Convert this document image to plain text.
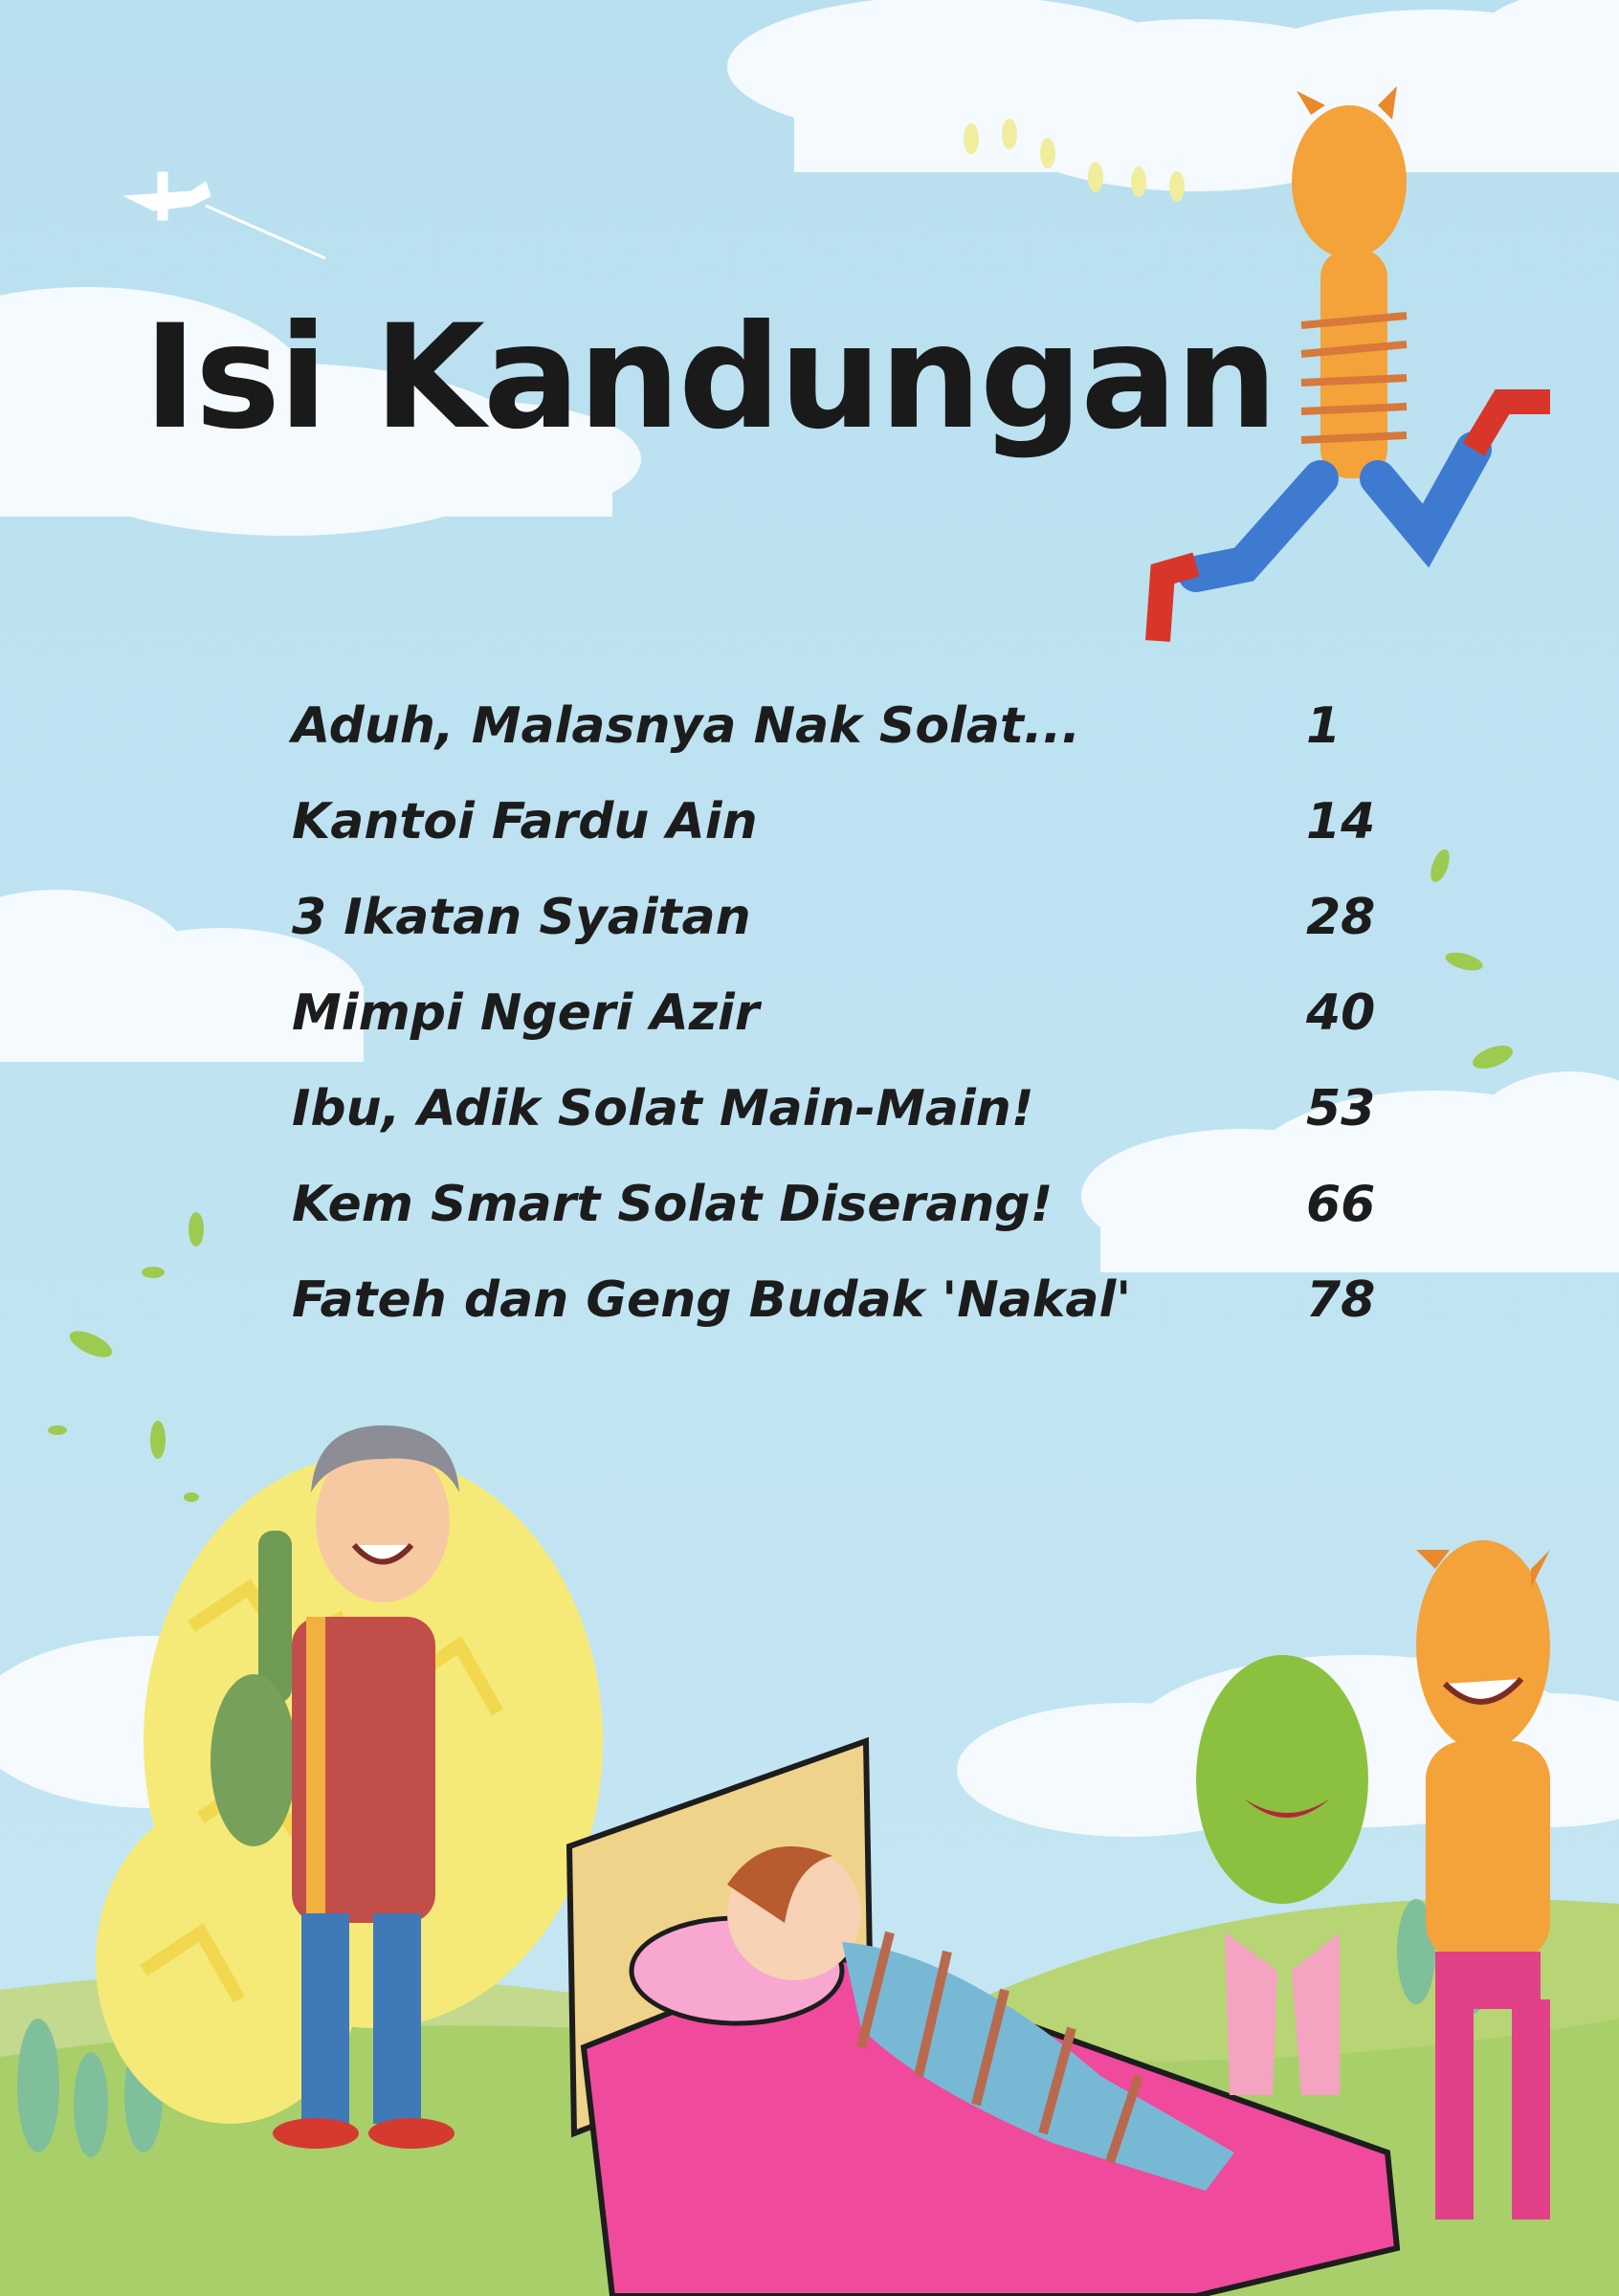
Isi Kandungan
Aduh, Malasnya Nak Solat...	1
Kantoi Fardu Ain	14
3 Ikatan Syaitan	28
Mimpi Ngeri Azir	40
Ibu, Adik Solat Main-Main!	53
Kem Smart Solat Diserang!	66
Fateh dan Geng Budak 'Nakal'	78
